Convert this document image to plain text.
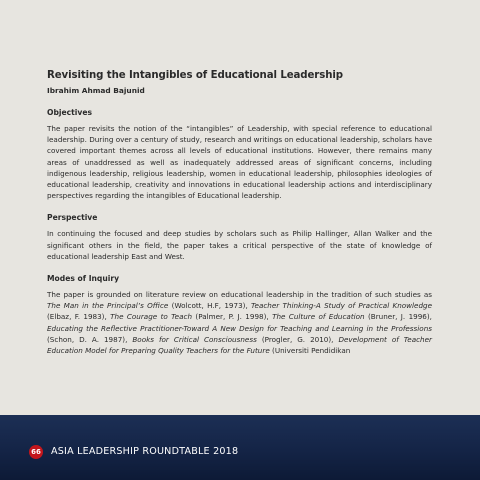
Revisiting the Intangibles of Educational Leadership
Ibrahim Ahmad Bajunid
Objectives

The paper revisits the notion of the “intangibles” of Leadership, with special reference to educational leadership. During over a century of study, research and writings on educational leadership, scholars have covered important themes across all levels of educational institutions. However, there remains many areas of unaddressed as well as inadequately addressed areas of significant concerns, including indigenous leadership, religious leadership, women in educational leadership, philosophies ideologies of educational leadership, creativity and innovations in educational leadership actions and interdisciplinary perspectives regarding the intangibles of Educational leadership.

Perspective

In continuing the focused and deep studies by scholars such as Philip Hallinger, Allan Walker and the significant others in the field, the paper takes a critical perspective of the state of knowledge of educational leadership East and West.

Modes of Inquiry

The paper is grounded on literature review on educational leadership in the tradition of such studies as The Man in the Principal’s Office (Wolcott, H.F, 1973), Teacher Thinking-A Study of Practical Knowledge (Elbaz, F. 1983), The Courage to Teach (Palmer, P. J. 1998), The Culture of Education (Bruner, J. 1996), Educating the Reflective Practitioner-Toward A New Design for Teaching and Learning in the Professions (Schon, D. A. 1987), Books for Critical Consciousness (Progler, G. 2010), Development of Teacher Education Model for Preparing Quality Teachers for the Future (Universiti Pendidikan

66 ASIA LEADERSHIP ROUNDTABLE 2018
